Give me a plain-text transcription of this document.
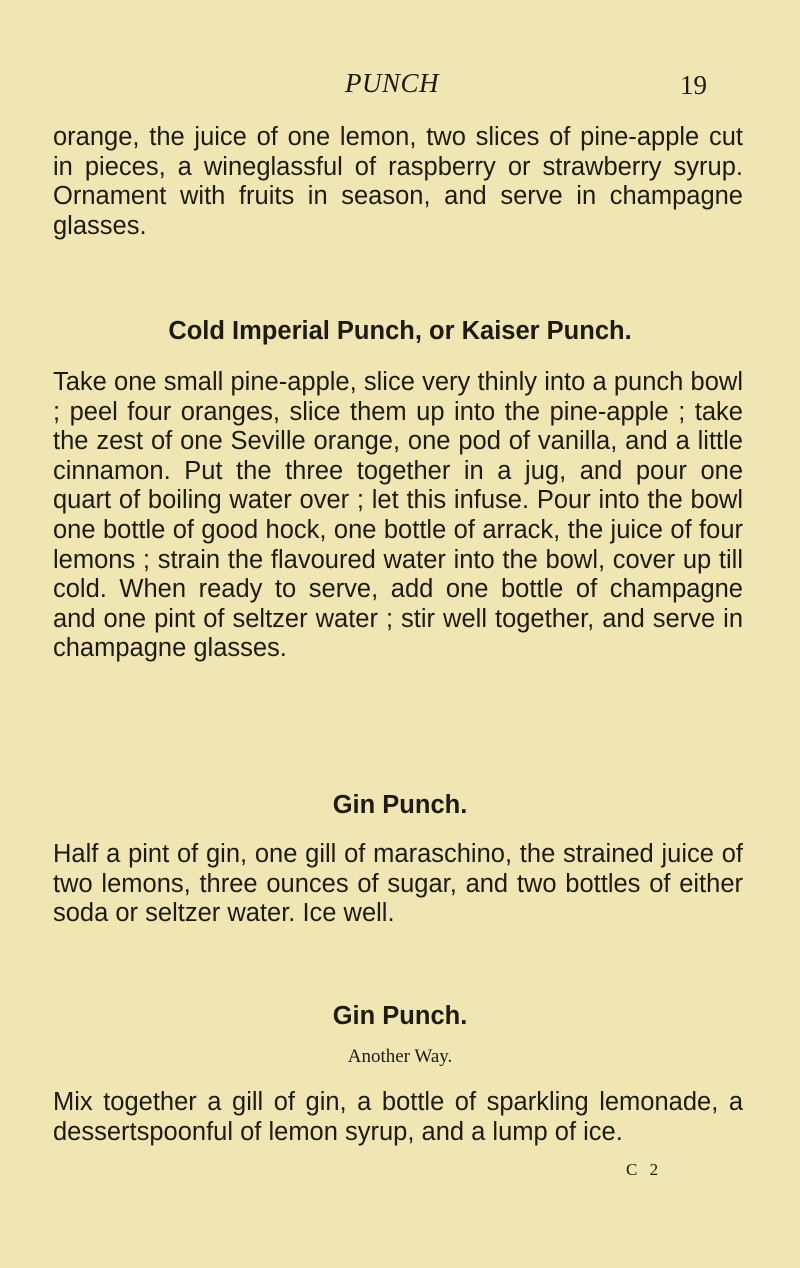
PUNCH	19

orange, the juice of one lemon, two slices of pine-apple cut in pieces, a wineglassful of raspberry or strawberry syrup. Ornament with fruits in season, and serve in champagne glasses.

Cold Imperial Punch, or Kaiser Punch.

Take one small pine-apple, slice very thinly into a punch bowl ; peel four oranges, slice them up into the pine-apple ; take the zest of one Seville orange, one pod of vanilla, and a little cinnamon. Put the three together in a jug, and pour one quart of boiling water over ; let this infuse. Pour into the bowl one bottle of good hock, one bottle of arrack, the juice of four lemons ; strain the flavoured water into the bowl, cover up till cold. When ready to serve, add one bottle of champagne and one pint of seltzer water ; stir well together, and serve in champagne glasses.

Gin Punch.

Half a pint of gin, one gill of maraschino, the strained juice of two lemons, three ounces of sugar, and two bottles of either soda or seltzer water. Ice well.

Gin Punch.
Another Way.

Mix together a gill of gin, a bottle of sparkling lemonade, a dessertspoonful of lemon syrup, and a lump of ice.

C 2
